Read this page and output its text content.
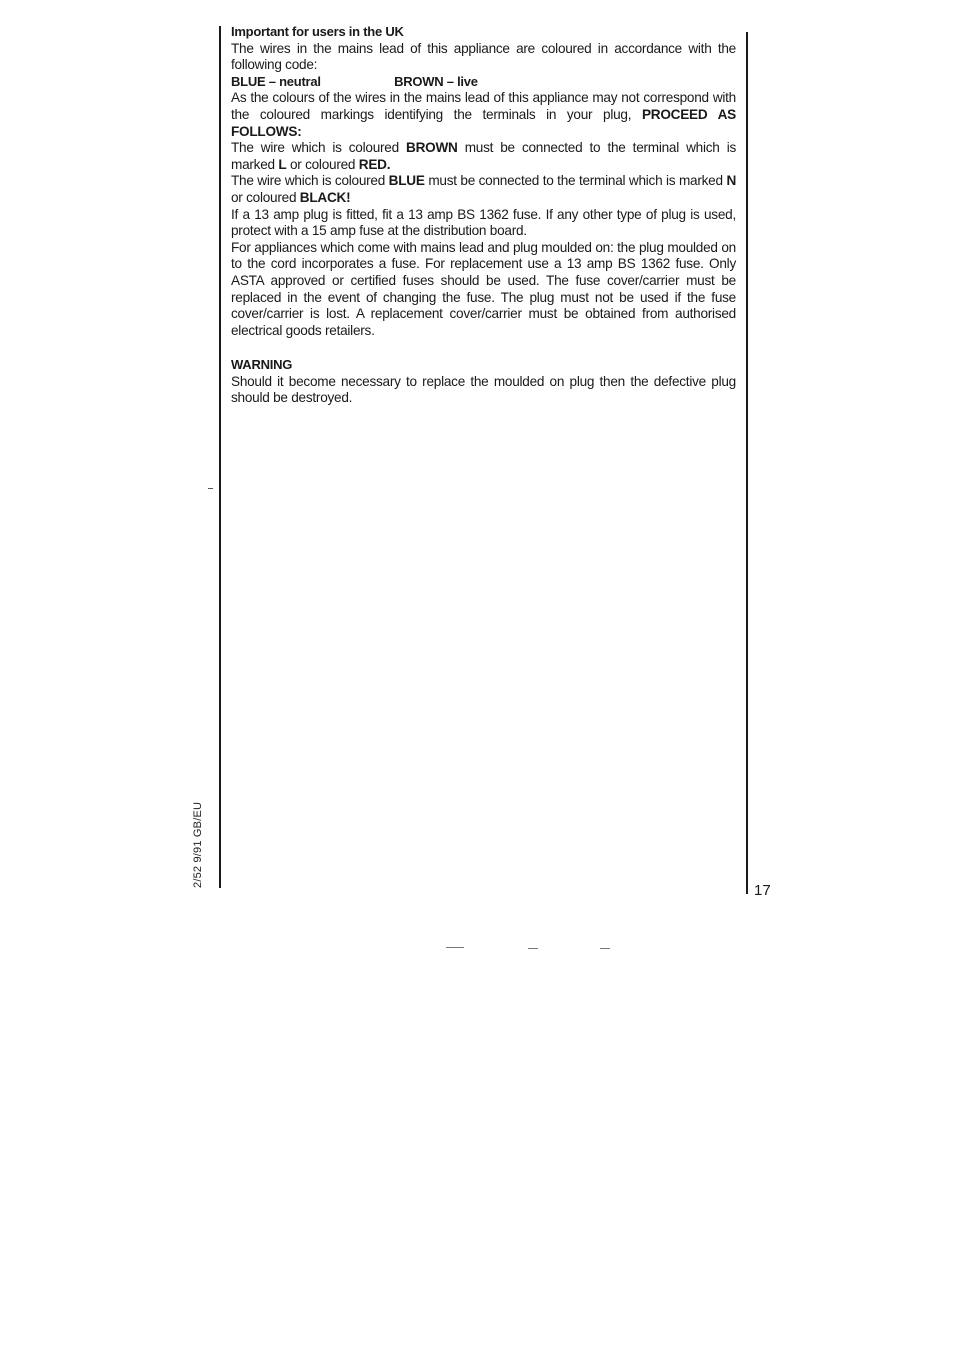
Important for users in the UK

The wires in the mains lead of this appliance are coloured in accordance with the following code:

BLUE – neutral	BROWN – live

As the colours of the wires in the mains lead of this appliance may not correspond with the coloured markings identifying the terminals in your plug, PROCEED AS FOLLOWS:

The wire which is coloured BROWN must be connected to the terminal which is marked L or coloured RED.

The wire which is coloured BLUE must be connected to the terminal which is marked N or coloured BLACK!

If a 13 amp plug is fitted, fit a 13 amp BS 1362 fuse. If any other type of plug is used, protect with a 15 amp fuse at the distribution board.

For appliances which come with mains lead and plug moulded on: the plug moulded on to the cord incorporates a fuse. For replacement use a 13 amp BS 1362 fuse. Only ASTA approved or certified fuses should be used. The fuse cover/carrier must be replaced in the event of changing the fuse. The plug must not be used if the fuse cover/carrier is lost. A replacement cover/carrier must be obtained from authorised electrical goods retailers.

WARNING

Should it become necessary to replace the moulded on plug then the defective plug should be destroyed.

2/52 9/91 GB/EU
17
